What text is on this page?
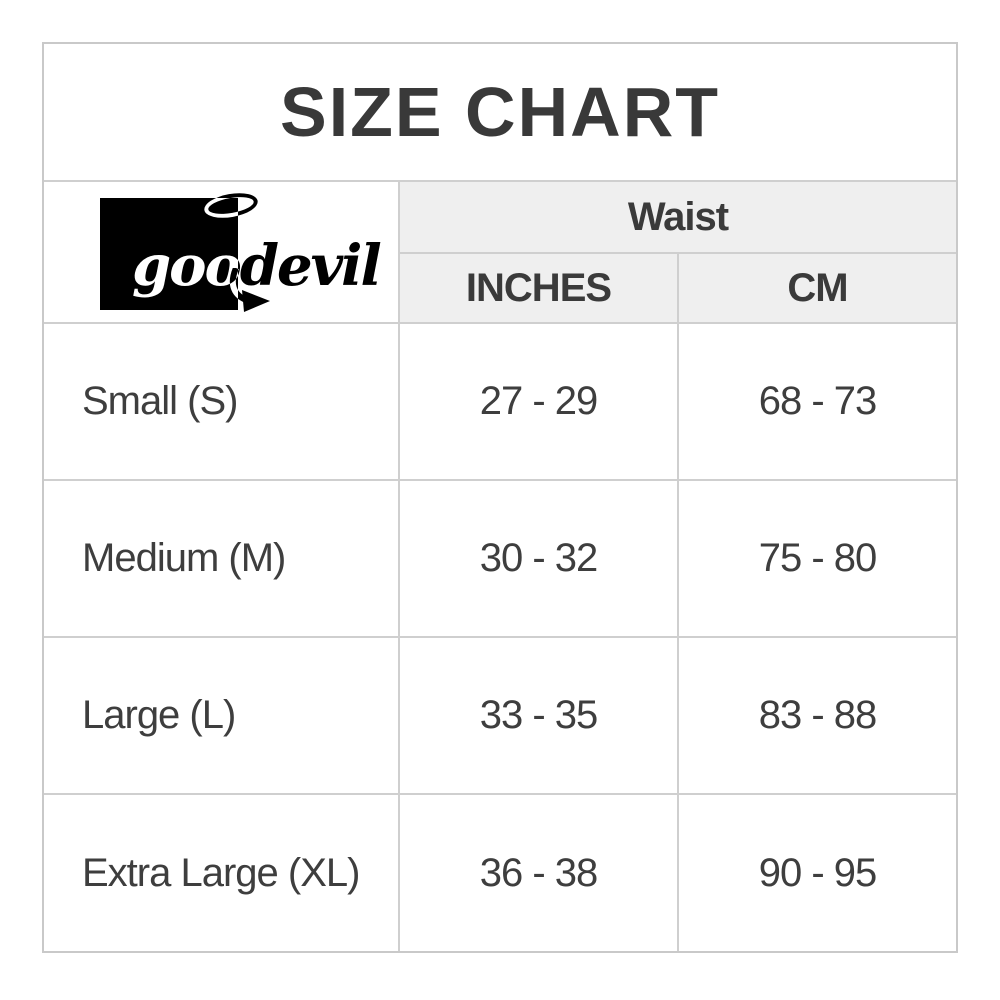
SIZE CHART
goodevil
Waist
INCHES	CM
Small (S)	27 - 29	68 - 73
Medium (M)	30 - 32	75 - 80
Large (L)	33 - 35	83 - 88
Extra Large (XL)	36 - 38	90 - 95
